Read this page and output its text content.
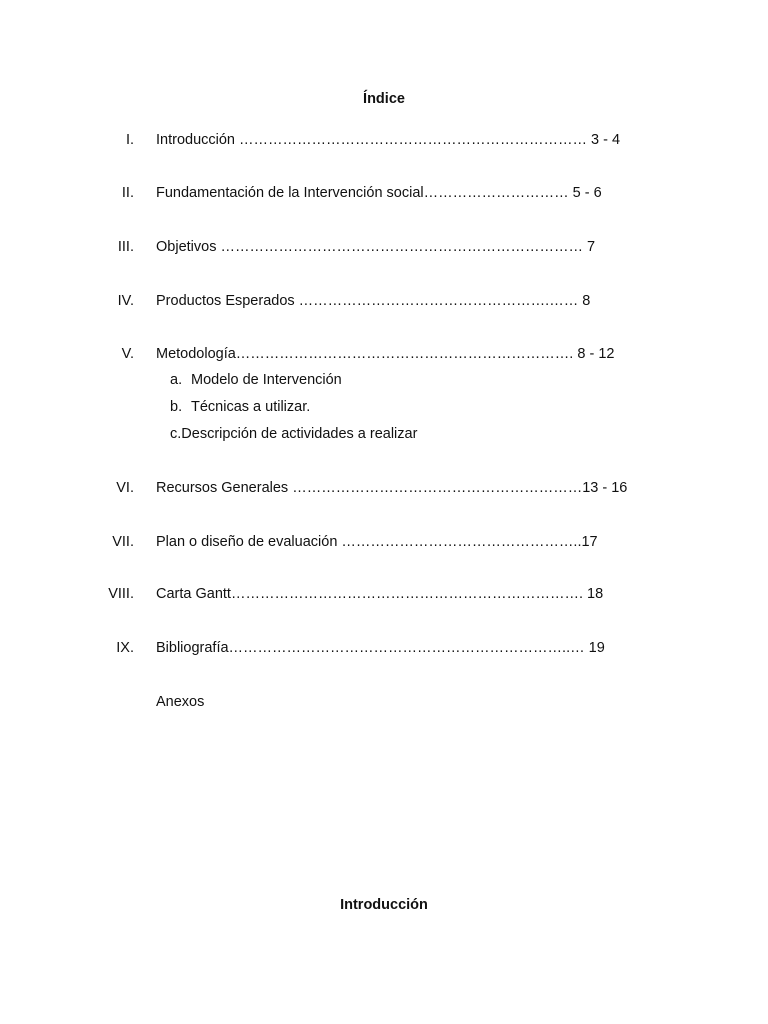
Índice
I. Introducción ……………………………………………………………… 3 - 4
II. Fundamentación de la Intervención social………………………… 5 - 6
III. Objetivos ………………………………………………………………… 7
IV. Productos Esperados …………………………………………….…… 8
V. Metodología……………………………………………………………. 8 - 12
a. Modelo de Intervención
b. Técnicas a utilizar.
c.Descripción de actividades a realizar
VI. Recursos Generales ……………………………………………………13 - 16
VII. Plan o diseño de evaluación …………………………………………..17
VIII. Carta Gantt………………………………………………………………. 18
IX. Bibliografía……………………………………………………………..… 19
Anexos
Introducción
